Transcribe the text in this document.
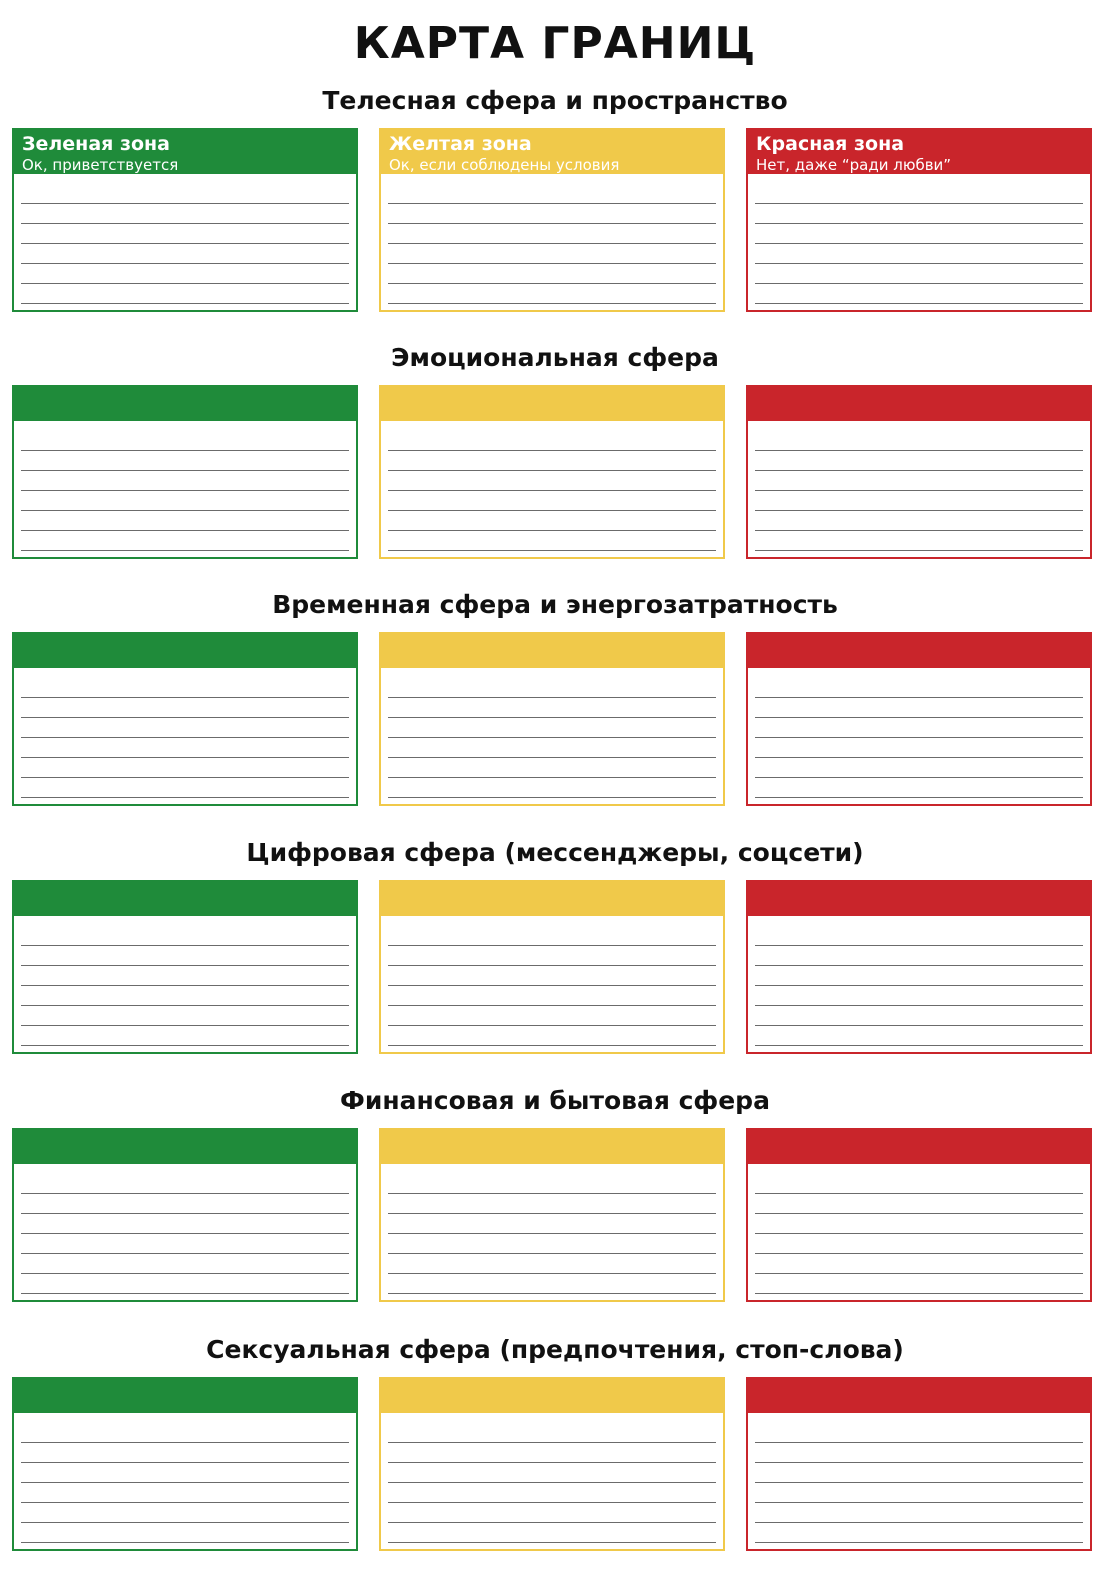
КАРТА ГРАНИЦ
Телесная сфера и пространство
Зеленая зона
Ок, приветствуется
Желтая зона
Ок, если соблюдены условия
Красная зона
Нет, даже “ради любви”
Эмоциональная сфера
Временная сфера и энергозатратность
Цифровая сфера (мессенджеры, соцсети)
Финансовая и бытовая сфера
Сексуальная сфера (предпочтения, стоп-слова)
